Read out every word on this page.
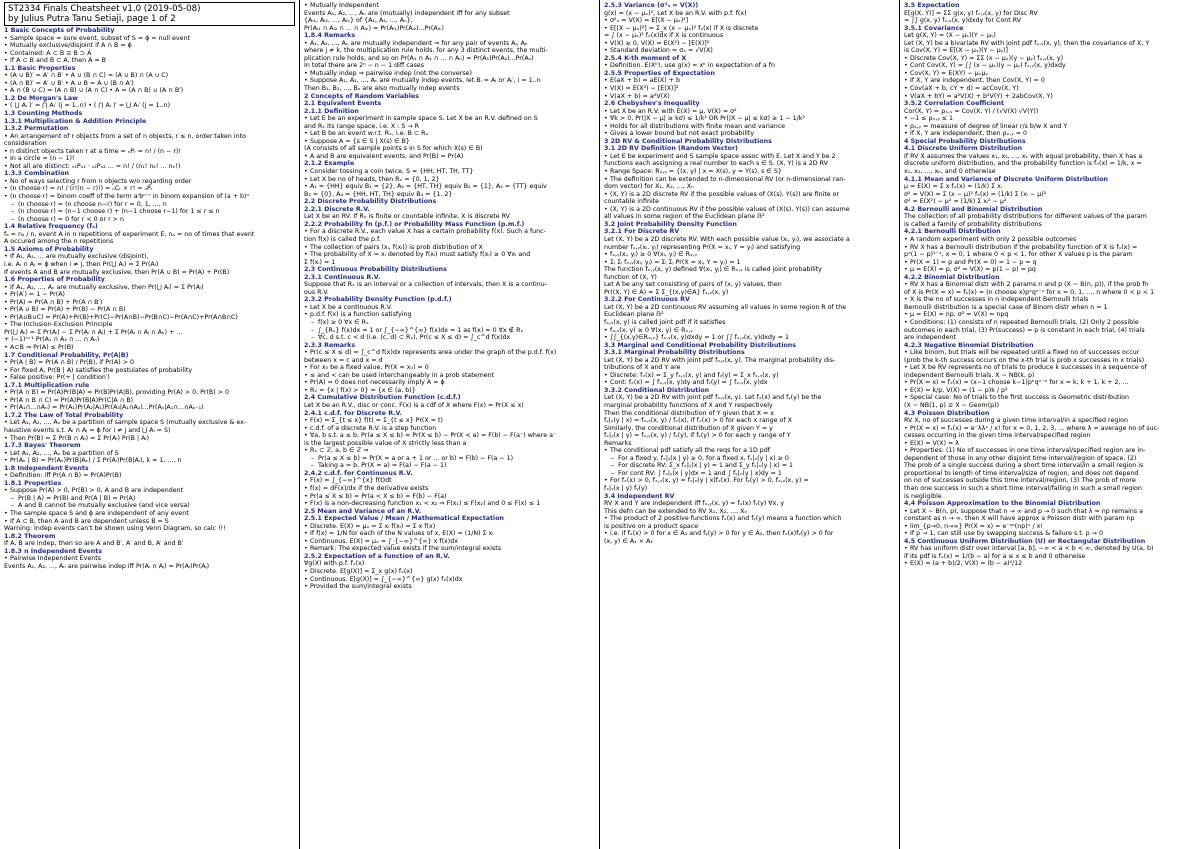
ST2334 Finals Cheatsheet v1.0 (2019-05-08)
by Julius Putra Tanu Setiaji, page 1 of 2
1 Basic Concepts of Probability
• Sample space = sure event, subset of S = ϕ = null event
• Mutually exclusive/disjoint if A ∩ B = ϕ
• Contained: A ⊂ B ≡ B ⊃ A
• If A ⊂ B and B ⊂ A, then A = B
1.1 Basic Properties
• (A ∪ B)′ = A′ ∩ B′ • A ∪ (B ∩ C) = (A ∪ B) ∩ (A ∪ C)
• (A ∩ B)′ = A′ ∪ B′ • A ∪ B = A ∪ (B ∩ A′)
• A ∩ (B ∪ C) = (A ∩ B) ∪ (A ∩ C) • A = (A ∩ B) ∪ (A ∩ B′)
1.2 De Morgan's Law
• ( ⋃ Aᵢ )′ = ⋂ Aᵢ′ (j = 1..n) • ( ⋂ Aᵢ )′ = ⋃ Aᵢ′ (j = 1..n)
1.3 Counting Methods
1.3.1 Multiplication & Addition Principle
1.3.2 Permutation
• An arrangement of r objects from a set of n objects, r ≤ n, order taken into
consideration
• n distinct objects taken r at a time = ₙPᵣ = n! / (n − r)!
• In a circle = (n − 1)!
• Not all are distinct: ₙ₁Pₙ₁ · ₙ₂Pₙ₂ … = n! / (n₁! n₂! … nₖ!)
1.3.3 Combination
• No of ways selecting r from n objects w/o regarding order
• (n choose r) = n! / (r!(n − r)!) = ₙCᵣ × r! = ₙPᵣ
• (n choose r) = binom coeff of the term aʳbⁿ⁻ʳ in binom expansion of (a + b)ⁿ
– (n choose r) = (n choose n−r) for r = 0, 1, ..., n
– (n choose r) = (n−1 choose r) + (n−1 choose r−1) for 1 ≤ r ≤ n
– (n choose r) = 0 for r < 0 or r > n
1.4 Relative frequency (fₐ)
fₐ = nₐ / n, event A in n repetitions of experiment E, nₐ = no of times that event
A occured among the n repetitions
1.5 Axioms of Probability
• If A₁, A₂, ... are mutually exclusive (disjoint),
i.e. Aᵢ ∩ Aⱼ = ϕ when i ≠ j, then Pr(⋃ Aᵢ) = Σ Pr(Aᵢ)
If events A and B are mutually exclusive, then Pr(A ∪ B) = Pr(A) + Pr(B)
1.6 Properties of Probability
• If A₁, A₂, ..., Aₙ are mutually exclusive, then Pr(⋃ Aᵢ) = Σ Pr(Aᵢ)
• Pr(A′) = 1 − Pr(A)
• Pr(A) = Pr(A ∩ B) + Pr(A ∩ B′)
• Pr(A ∪ B) = Pr(A) + Pr(B) − Pr(A ∩ B)
• Pr(A∪B∪C) = Pr(A)+Pr(B)+Pr(C)−Pr(A∩B)−Pr(B∩C)−Pr(A∩C)+Pr(A∩B∩C)
• The Inclusion-Exclusion Principle
Pr(⋃ Aᵢ) = Σ Pr(Aᵢ) − Σ Pr(Aᵢ ∩ Aⱼ) + Σ Pr(Aᵢ ∩ Aⱼ ∩ Aₖ) + ...
+ (−1)ⁿ⁺¹ Pr(A₁ ∩ A₂ ∩ ... ∩ Aₙ)
• A⊂B ⇒ Pr(A) ≤ Pr(B)
1.7 Conditional Probability, Pr(A|B)
• Pr(A | B) = Pr(A ∩ B) / Pr(B), if Pr(A) > 0
• For fixed A, Pr(B | A) satisfies the postulates of probability
• False positive: Pr(+ | condition′)
1.7.1 Multiplication rule
• Pr(A ∩ B) = Pr(A)Pr(B|A) = Pr(B)Pr(A|B), providing Pr(A) > 0, Pr(B) > 0
• Pr(A ∩ B ∩ C) = Pr(A)Pr(B|A)Pr(C|A ∩ B)
• Pr(A₁∩...∩Aₙ) = Pr(A₁)Pr(A₂|A₁)Pr(A₃|A₁∩A₂)...Pr(Aₙ|A₁∩...∩Aₙ₋₁)
1.7.2 The Law of Total Probability
• Let A₁, A₂, ..., Aₙ be a partition of sample space S (mutually exclusive & ex-
haustive events s.t. Aᵢ ∩ Aⱼ = ϕ for i ≠ j and ⋃ Aᵢ = S)
• Then Pr(B) = Σ Pr(B ∩ Aᵢ) = Σ Pr(Aᵢ) Pr(B | Aᵢ)
1.7.3 Bayes' Theorem
• Let A₁, A₂, ..., Aₙ be a partition of S
• Pr(Aₖ | B) = Pr(Aₖ)Pr(B|Aₖ) / Σ Pr(Aᵢ)Pr(B|Aᵢ), k = 1, ..., n
1.8 Independent Events
• Definition: iff Pr(A ∩ B) = Pr(A)Pr(B)
1.8.1 Properties
• Suppose Pr(A) > 0, Pr(B) > 0, A and B are independent
– Pr(B | A) = Pr(B) and Pr(A | B) = Pr(A)
– A and B cannot be mutually exclusive (and vice versa)
• The sample space S and ϕ are independent of any event
• If A ⊂ B, then A and B are dependent unless B = S
Warning: Indep events can't be shown using Venn Diagram, so calc !!!
1.8.2 Theorem
If A, B are indep, then so are A and B′, A′ and B, A′ and B′
1.8.3 n Independent Events
• Pairwise Independent Events
Events A₁, A₂, ..., Aₙ are pairwise indep iff Pr(Aᵢ ∩ Aⱼ) = Pr(Aᵢ)Pr(Aⱼ)
• Mutually Independent
Events A₁, A₂, ..., Aₙ are (mutually) independent iff for any subset
{Aᵢ₁, Aᵢ₂, ..., Aᵢₖ} of {A₁, A₂, ..., Aₙ},
Pr(Aᵢ₁ ∩ Aᵢ₂ ∩ ... ∩ Aᵢₖ) = Pr(Aᵢ₁)Pr(Aᵢ₂)...Pr(Aᵢₖ)
1.8.4 Remarks
• A₁, A₂, ..., Aₙ are mutually independent ⇒ for any pair of events Aⱼ, Aₖ
where j ≠ k, the multiplication rule holds, for any 3 distinct events, the multi-
plication rule holds, and so on Pr(A₁ ∩ A₂ ∩ ... ∩ Aₙ) = Pr(A₁)Pr(A₂)...Pr(Aₙ)
In total there are 2ⁿ − n − 1 diff cases
• Mutually indep ⇒ pairwise indep (not the converse)
• Suppose A₁, A₂, ..., Aₙ are mutually indep events, let Bᵢ = Aᵢ or Aᵢ′, i = 1..n
Then B₁, B₂, ..., Bₙ are also mutually indep events
2 Concepts of Random Variables
2.1 Equivalent Events
2.1.1 Definition
• Let E be an experiment in sample space S. Let X be an R.V. defined on S
and Rₓ its range space, i.e. X : S → R
• Let B be an event w.r.t. Rₓ, i.e. B ⊂ Rₓ
• Suppose A = {s ∈ S | X(s) ∈ B}
(A consists of all sample points s in S for which X(s) ∈ B)
• A and B are equivalent events, and Pr(B) = Pr(A)
2.1.2 Example
• Consider tossing a coin twice, S = {HH, HT, TH, TT}
• Let X be no of heads, then Rₓ = {0, 1, 2}
• A₁ = {HH} equiv B₁ = {2}, A₂ = {HT, TH} equiv B₂ = {1}, A₃ = {TT} equiv
B₃ = {0}, A₄ = {HH, HT, TH} equiv B₄ = {1, 2}
2.2 Discrete Probability Distributions
2.2.1 Discrete R.V.
Let X be an RV. If Rₓ is finite or countable infinite, X is discrete RV
2.2.2 Probability fn (p.f.) or Probability Mass Function (p.m.f.)
• For a discrete R.V., each value X has a certain probability f(x). Such a func-
tion f(x) is called the p.f.
• The collection of pairs (xᵢ, f(xᵢ)) is prob distribution of X
• The probability of X = xᵢ denoted by f(xᵢ) must satisfy f(xᵢ) ≥ 0 ∀xᵢ and
Σ f(xᵢ) = 1
2.3 Continuous Probability Distributions
2.3.1 Continuous R.V.
Suppose that Rₓ is an interval or a collection of intervals, then X is a continu-
ous R.V.
2.3.2 Probability Density Function (p.d.f.)
• Let X be a continuous R.V.
• p.d.f. f(x) is a function satisfying
– f(x) ≥ 0 ∀x ∈ Rₓ
– ∫_{Rₓ} f(x)dx = 1 or ∫_{−∞}^{∞} f(x)dx = 1 as f(x) = 0 ∀x ∉ Rₓ
– ∀c, d s.t. c < d (i.e. (c, d) ⊂ Rₓ), Pr(c ≤ X ≤ d) = ∫_c^d f(x)dx
2.3.3 Remarks
• Pr(c ≤ X ≤ d) = ∫_c^d f(x)dx represents area under the graph of the p.d.f. f(x)
between x = c and x = d
• For x₀ be a fixed value, Pr(X = x₀) = 0
• ≤ and < can be used interchangeably in a prob statement
• Pr(A) = 0 does not necessarily imply A = ϕ
• Rₓ = {x | f(x) > 0} = {x ∈ (a, b)}
2.4 Cumulative Distribution Function (c.d.f.)
Let X be an R.V., disc or conc. F(x) is a cdf of X where F(x) = Pr(X ≤ x)
2.4.1 c.d.f. for Discrete R.V.
• F(x) = Σ_{t ≤ x} f(t) = Σ_{t ≤ x} Pr(X = t)
• c.d.f. of a discrete R.V. is a step function
• ∀a, b s.t. a ≤ b, Pr(a ≤ X ≤ b) = Pr(X ≤ b) − Pr(X < a) = F(b) − F(a⁻) where a⁻
is the largest possible value of X strictly less than a
• Rₓ ⊂ ℤ, a, b ∈ ℤ ⇒
– Pr(a ≤ X ≤ b) = Pr(X = a or a + 1 or ... or b) = F(b) − F(a − 1)
– Taking a = b, Pr(X = a) = F(a) − F(a − 1)
2.4.2 c.d.f. for Continuous R.V.
• F(x) = ∫_{−∞}^{x} f(t)dt
• f(x) = dF(x)/dx if the derivative exists
• Pr(a ≤ X ≤ b) = Pr(a < X ≤ b) = F(b) − F(a)
• F(x) is a non-decreasing function x₁ < x₂ ⇒ F(x₁) ≤ F(x₂) and 0 ≤ F(x) ≤ 1
2.5 Mean and Variance of an R.V.
2.5.1 Expected Value / Mean / Mathematical Expectation
• Discrete. E(X) = μₓ = Σ xᵢ f(xᵢ) = Σ x f(x)
• If f(x) = 1/N for each of the N values of x, E(X) = (1/N) Σ xᵢ
• Continuous. E(X) = μₓ = ∫_{−∞}^{∞} x f(x)dx
• Remark: The expected value exists if the sum/integral exists
2.5.2 Expectation of a function of an R.V.
∀g(X) with p.f. fₓ(x)
• Discrete. E[g(X)] = Σ_x g(x) fₓ(x)
• Continuous. E[g(X)] = ∫_{−∞}^{∞} g(x) fₓ(x)dx
• Provided the sum/integral exists
2.5.3 Variance (σ²ₓ = V(X))
g(x) = (x − μₓ)², Let X be an R.V. with p.f. f(x)
• σ²ₓ = V(X) = E[(X − μₓ)²]
• E[(X − μₓ)²] = Σ_x (x − μₓ)² fₓ(x) if X is discrete
= ∫ (x − μₓ)² fₓ(x)dx if X is continuous
• V(X) ≥ 0, V(X) = E(X²) − [E(X)]²
• Standard deviation = σₓ = √V(X)
2.5.4 K-th moment of X
• Definition. E(Xᵏ), use g(x) = xᵏ in expectation of a fn
2.5.5 Properties of Expectation
• E(aX + b) = aE(X) + b
• V(X) = E(X²) − [E(X)]²
• V(aX + b) = a²V(X)
2.6 Chebyshev's Inequality
• Let X be an R.V. with E(X) = μ, V(X) = σ²
• ∀k > 0, Pr(|X − μ| ≥ kσ) ≤ 1/k² OR Pr(|X − μ| ≤ kσ) ≥ 1 − 1/k²
• Holds for all distributions with finite mean and variance
• Gives a lower bound but not exact probability
3 2D RV & Conditional Probability Distributions
3.1 2D RV Definition (Random Vector)
• Let E be experiment and S sample space assoc with E. Let X and Y be 2
functions each assigning a real number to each s ∈ S. (X, Y) is a 2D RV
• Range Space: Rₓ,ᵧ = {(x, y) | x = X(s), y = Y(s), s ∈ S}
• The definition can be extended to n-dimensional RV (or n-dimensional ran-
dom vector) for X₁, X₂, ..., Xₙ
• (X, Y) is a 2D discrete RV if the possible values of (X(s), Y(s)) are finite or
countable infinite
• (X, Y) is a 2D continuous RV if the possible values of (X(s), Y(s)) can assume
all values in some region of the Euclidean plane ℝ²
3.2 Joint Probability Density Function
3.2.1 For Discrete RV
Let (X, Y) be a 2D discrete RV. With each possible value (xᵢ, yⱼ), we associate a
number fₓ,ᵧ(xᵢ, yⱼ) representing Pr(X = xᵢ, Y = yⱼ) and satisfying
• fₓ,ᵧ(xᵢ, yⱼ) ≥ 0 ∀(xᵢ, yⱼ) ∈ Rₓ,ᵧ
• Σᵢ Σⱼ fₓ,ᵧ(xᵢ, yⱼ) = Σᵢ Σⱼ Pr(X = xᵢ, Y = yⱼ) = 1
The function fₓ,ᵧ(x, y) defined ∀(xᵢ, yⱼ) ∈ Rₓ,ᵧ is called joint probability
function of (X, Y)
Let A be any set consisting of pairs of (x, y) values, then
Pr((X, Y) ∈ A) = Σ Σ_{(x,y)∈A} fₓ,ᵧ(x, y)
3.2.2 For Continuous RV
Let (X, Y) be a 2D continuous RV assuming all values in some region R of the
Euclidean plane ℝ²
fₓ,ᵧ(x, y) is called joint pdf if it satisfies
• fₓ,ᵧ(x, y) ≥ 0 ∀(x, y) ∈ Rₓ,ᵧ
• ∫∫_{(x,y)∈Rₓ,ᵧ} fₓ,ᵧ(x, y)dxdy = 1 or ∫∫ fₓ,ᵧ(x, y)dxdy = 1
3.3 Marginal and Conditional Probability Distributions
3.3.1 Marginal Probability Distributions
Let (X, Y) be a 2D RV with joint pdf fₓ,ᵧ(x, y). The marginal probability dis-
tributions of X and Y are
• Discrete: fₓ(x) = Σ_y fₓ,ᵧ(x, y) and fᵧ(y) = Σ_x fₓ,ᵧ(x, y)
• Cont: fₓ(x) = ∫ fₓ,ᵧ(x, y)dy and fᵧ(y) = ∫ fₓ,ᵧ(x, y)dx
3.3.2 Conditional Distribution
Let (X, Y) be a 2D RV with joint pdf fₓ,ᵧ(x, y). Let fₓ(x) and fᵧ(y) be the
marginal probability functions of X and Y respectively
Then the conditional distribution of Y given that X = x
fᵧ|ₓ(y | x) = fₓ,ᵧ(x, y) / fₓ(x), if fₓ(x) > 0 for each x range of X
Similarly, the conditional distribution of X given Y = y
fₓ|ᵧ(x | y) = fₓ,ᵧ(x, y) / fᵧ(y), if fᵧ(y) > 0 for each y range of Y
Remarks
• The conditional pdf satisfy all the reqs for a 1D pdf
– For a fixed y, fₓ|ᵧ(x | y) ≥ 0, for a fixed x, fᵧ|ₓ(y | x) ≥ 0
– For discrete RV: Σ_x fₓ|ᵧ(x | y) = 1 and Σ_y fᵧ|ₓ(y | x) = 1
– For cont RV: ∫ fₓ|ᵧ(x | y)dx = 1 and ∫ fᵧ|ₓ(y | x)dy = 1
• For fₓ(x) > 0, fₓ,ᵧ(x, y) = fᵧ|ₓ(y | x)fₓ(x). For fᵧ(y) > 0, fₓ,ᵧ(x, y) =
fₓ|ᵧ(x | y) fᵧ(y)
3.4 Independent RV
RV X and Y are independent iff fₓ,ᵧ(x, y) = fₓ(x) fᵧ(y) ∀x, y
This defn can be extended to RV X₁, X₂, ..., Xₙ
• The product of 2 positive functions fₓ(x) and fᵧ(y) means a function which
is positive on a product space
• i.e. if fₓ(x) > 0 for x ∈ A₁ and fᵧ(y) > 0 for y ∈ A₂, then fₓ(x)fᵧ(y) > 0 for
(x, y) ∈ A₁ × A₂
3.5 Expectation
E[g(X, Y)] = ΣΣ g(x, y) fₓ,ᵧ(x, y) for Disc RV
= ∫∫ g(x, y) fₓ,ᵧ(x, y)dxdy for Cont RV
3.5.1 Covariance
Let g(X, Y) = (X − μₓ)(Y − μᵧ)
Let (X, Y) be a bivariate RV with joint pdf fₓ,ᵧ(x, y), then the covariance of X, Y
is Cov(X, Y) = E[(X − μₓ)(Y − μᵧ)]
• Discrete Cov(X, Y) = ΣΣ (x − μₓ)(y − μᵧ) fₓ,ᵧ(x, y)
• Cont Cov(X, Y) = ∫∫ (x − μₓ)(y − μᵧ) fₓ,ᵧ(x, y)dxdy
• Cov(X, Y) = E(XY) − μₓμᵧ
• If X, Y are independent, then Cov(X, Y) = 0
• Cov(aX + b, cY + d) = acCov(X, Y)
• V(aX + bY) = a²V(X) + b²V(Y) + 2abCov(X, Y)
3.5.2 Correlation Coefficient
Cor(X, Y) = ρₓ,ᵧ = Cov(X, Y) / (√V(X) √V(Y))
• −1 ≤ ρₓ,ᵧ ≤ 1
• ρₓ,ᵧ = measure of degree of linear r/s b/w X and Y
• If X, Y are independent, then ρₓ,ᵧ = 0
4 Special Probability Distributions
4.1 Discrete Uniform Distribution
If RV X assumes the values x₁, x₂, ..., xₖ with equal probability, then X has a
discrete uniform distribution, and the probability function is fₓ(x) = 1/k, x =
x₁, x₂, ..., xₖ, and 0 otherwise
4.1.1 Mean and Variance of Discrete Uniform Distribution
μ = E(X) = Σ x fₓ(x) = (1/k) Σ xᵢ
σ² = V(X) = Σ (x − μ)² fₓ(x) = (1/k) Σ (xᵢ − μ)²
σ² = E(X²) − μ² = (1/k) Σ xᵢ² − μ²
4.2 Bernoulli and Binomial Distribution
The collection of all probability distributions for different values of the param
is called a family of probability distributions
4.2.1 Bernoulli Distribution
• A random experiment with only 2 possible outcomes
• RV X has a Bernoulli distribution if the probability function of X is fₓ(x) =
pˣ(1 − p)¹⁻ˣ, x = 0, 1 where 0 < p < 1, for other X values p is the param
• Pr(X = 1) = p and Pr(X = 0) = 1 − p = q
• μ = E(X) = p, σ² = V(X) = p(1 − p) = pq
4.2.2 Binomial Distribution
• RV X has a Binomial distr with 2 params n and p (X ~ B(n, p)), if the prob fn
of X is Pr(X = x) = fₓ(x) = (n choose x)pˣqⁿ⁻ˣ for x = 0, 1, ..., n where 0 < p < 1
• X is the no of successes in n independent Bernoulli trials
Bernoulli distribution is a special case of Binom distr when n = 1
• μ = E(X) = np, σ² = V(X) = npq
• Conditions: (1) consists of n repeated Bernoulli trials, (2) Only 2 possible
outcomes in each trial, (3) Pr(success) = p is constant in each trial, (4) trials
are independent
4.2.3 Negative Binomial Distribution
• Like binom, but trials will be repeated until a fixed no of successes occur
(prob the k-th success occurs on the x-th trial is prob x successes in x trials)
• Let X be RV represents no of trials to produce k successes in a sequence of
independent Bernoulli trials, X ~ NB(k, p)
• Pr(X = x) = fₓ(x) = (x−1 choose k−1)pᵏqˣ⁻ᵏ for x = k, k + 1, k + 2, ...
• E(X) = k/p, V(X) = (1 − p)k / p²
• Special case: No of trials to the first success is Geometric distribution
(X ~ NB(1, p) ≡ X ~ Geom(p))
4.3 Poisson Distribution
RV X, no of successes during a given time interval/in a specified region
• Pr(X = x) = fₓ(x) = e⁻λλˣ / x! for x = 0, 1, 2, 3, ... where λ = average no of suc-
cesses occurring in the given time interval/specified region
• E(X) = V(X) = λ
• Properties: (1) No of successes in one time interval/specified region are in-
dependent of those in any other disjoint time interval/region of space, (2)
The prob of a single success during a short time interval/in a small region is
proportional to length of time interval/size of region, and does not depend
on no of successes outside this time interval/region, (3) The prob of more
than one success in such a short time interval/falling in such a small region
is negligible
4.4 Poisson Approximation to the Binomial Distribution
• Let X ~ B(n, p), suppose that n → ∞ and p → 0 such that λ = np remains a
constant as n → ∞, then X will have approx a Poisson distr with param np
• lim_{p→0, n→∞} Pr(X = x) = e⁻ⁿᵖ(np)ˣ / x!
• If p → 1, can still use by swapping success & failure s.t. p → 0
4.5 Continuous Uniform Distribution (U) or Rectangular Distribution
• RV has uniform distr over interval [a, b], −∞ < a < b < ∞, denoted by U(a, b)
if its pdf is fₓ(x) = 1/(b − a) for a ≤ x ≤ b and 0 otherwise
• E(X) = (a + b)/2, V(X) = (b − a)²/12
